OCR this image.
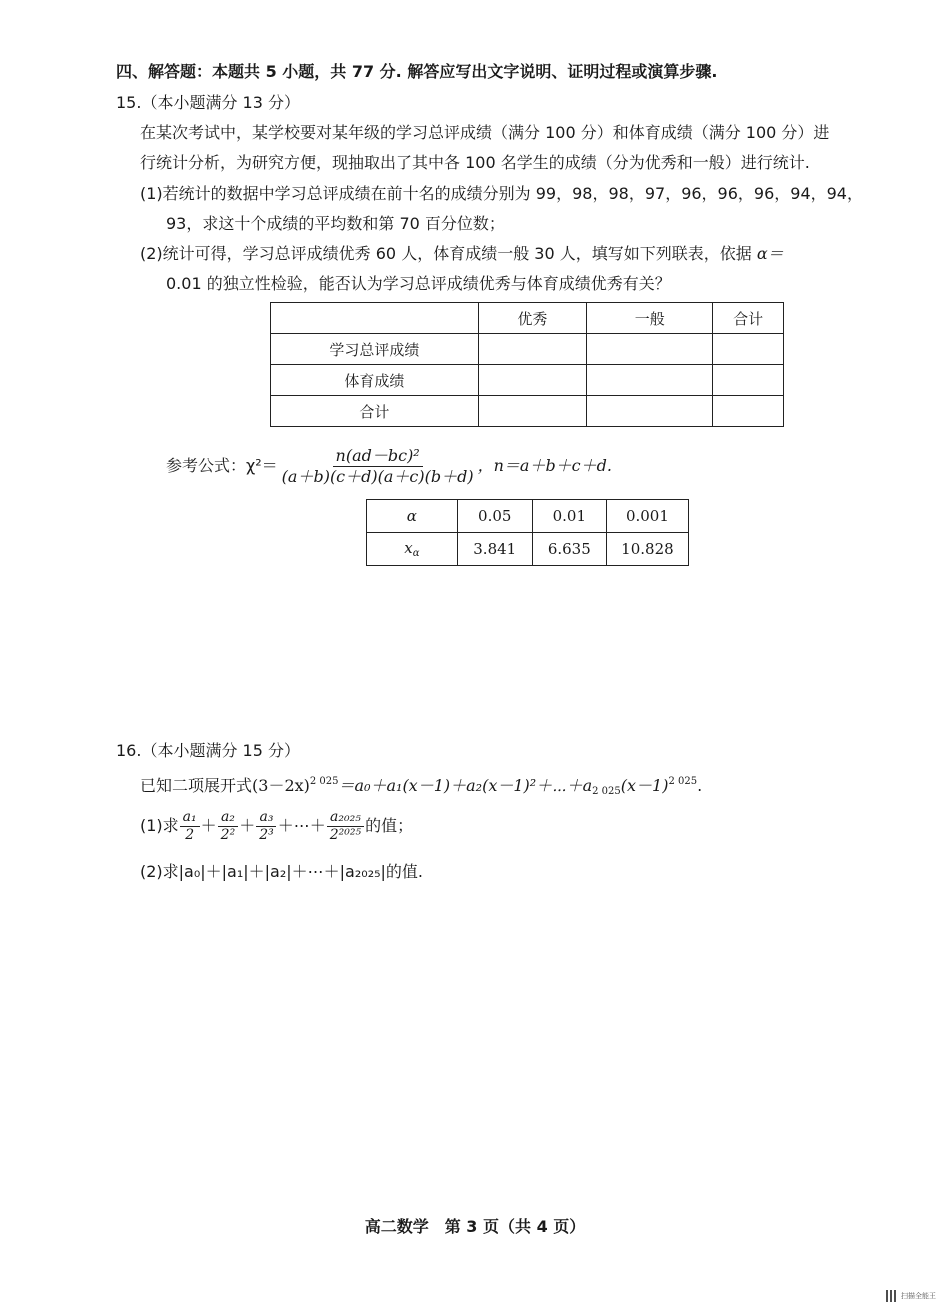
四、解答题：本题共 5 小题，共 77 分. 解答应写出文字说明、证明过程或演算步骤.
15.（本小题满分 13 分）
在某次考试中，某学校要对某年级的学习总评成绩（满分 100 分）和体育成绩（满分 100 分）进
行统计分析，为研究方便，现抽取出了其中各 100 名学生的成绩（分为优秀和一般）进行统计.
(1)若统计的数据中学习总评成绩在前十名的成绩分别为 99，98，98，97，96，96，96，94，94，
93，求这十个成绩的平均数和第 70 百分位数；
(2)统计可得，学习总评成绩优秀 60 人，体育成绩一般 30 人，填写如下列联表，依据 α＝
0.01 的独立性检验，能否认为学习总评成绩优秀与体育成绩优秀有关？
	优秀	一般	合计
学习总评成绩			
体育成绩			
合计			
参考公式：$\chi^2= \frac{\text{n(ad－bc)²}}{(a+b)(c+d)(a+c)(b+d)}$ ，n＝a＋b＋c＋d.
α	0.05	0.01	0.001
$x_\alpha$	3.841	6.635	10.828
16.（本小题满分 15 分）
已知二项展开式$(3-2x)^{2 025}=a_0+a_1(x-1)+a_2(x-1)^2+\cdots+a_{2 025}(x-1)^{2 025}$.
(1)求 $\frac{\text{a₁}}{2} + \frac{\text{a₂}}{\text{2²}} + \frac{\text{a₃}}{\text{2³}}$ ＋⋯＋ $\frac{\text{a₂₀₂₅}}{\text{2²⁰²⁵}}$ 的值；
(2)求|a₀|＋|a₁|＋|a₂|＋⋯＋|a₂₀₂₅|的值.
高二数学　第 3 页（共 4 页）
扫描全能王
